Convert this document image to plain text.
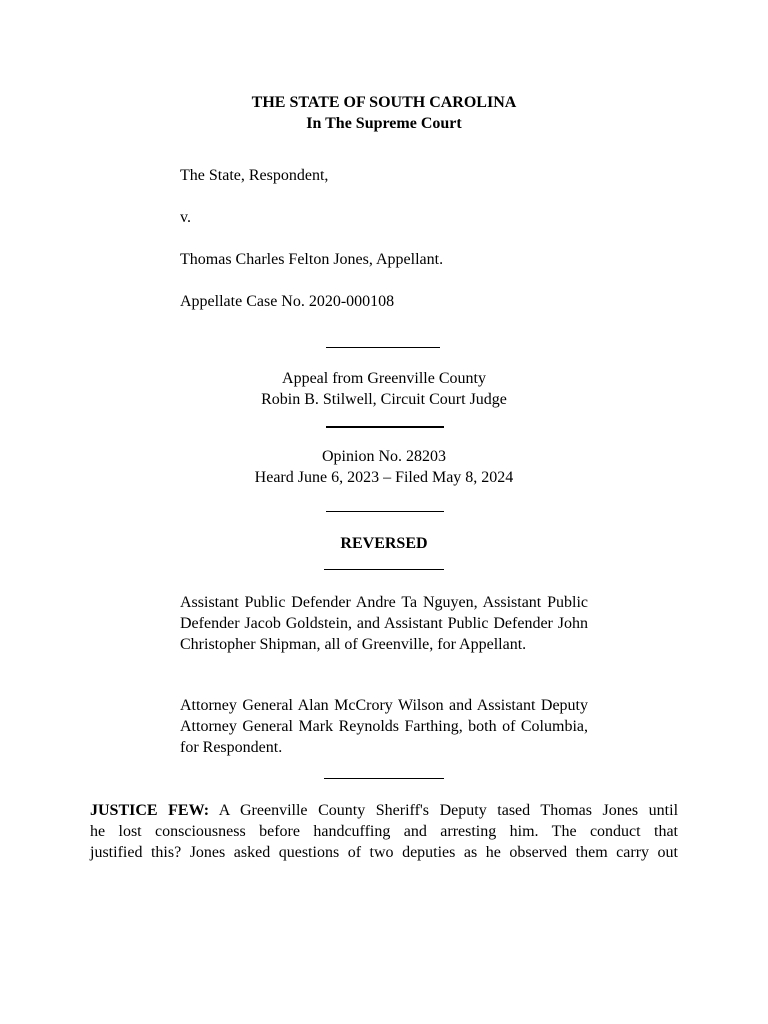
THE STATE OF SOUTH CAROLINA
In The Supreme Court
The State, Respondent,
v.
Thomas Charles Felton Jones, Appellant.
Appellate Case No. 2020-000108
Appeal from Greenville County
Robin B. Stilwell, Circuit Court Judge
Opinion No. 28203
Heard June 6, 2023 – Filed May 8, 2024
REVERSED
Assistant Public Defender Andre Ta Nguyen, Assistant Public Defender Jacob Goldstein, and Assistant Public Defender John Christopher Shipman, all of Greenville, for Appellant.
Attorney General Alan McCrory Wilson and Assistant Deputy Attorney General Mark Reynolds Farthing, both of Columbia, for Respondent.
JUSTICE FEW: A Greenville County Sheriff's Deputy tased Thomas Jones until
he lost consciousness before handcuffing and arresting him. The conduct that
justified this? Jones asked questions of two deputies as he observed them carry out
